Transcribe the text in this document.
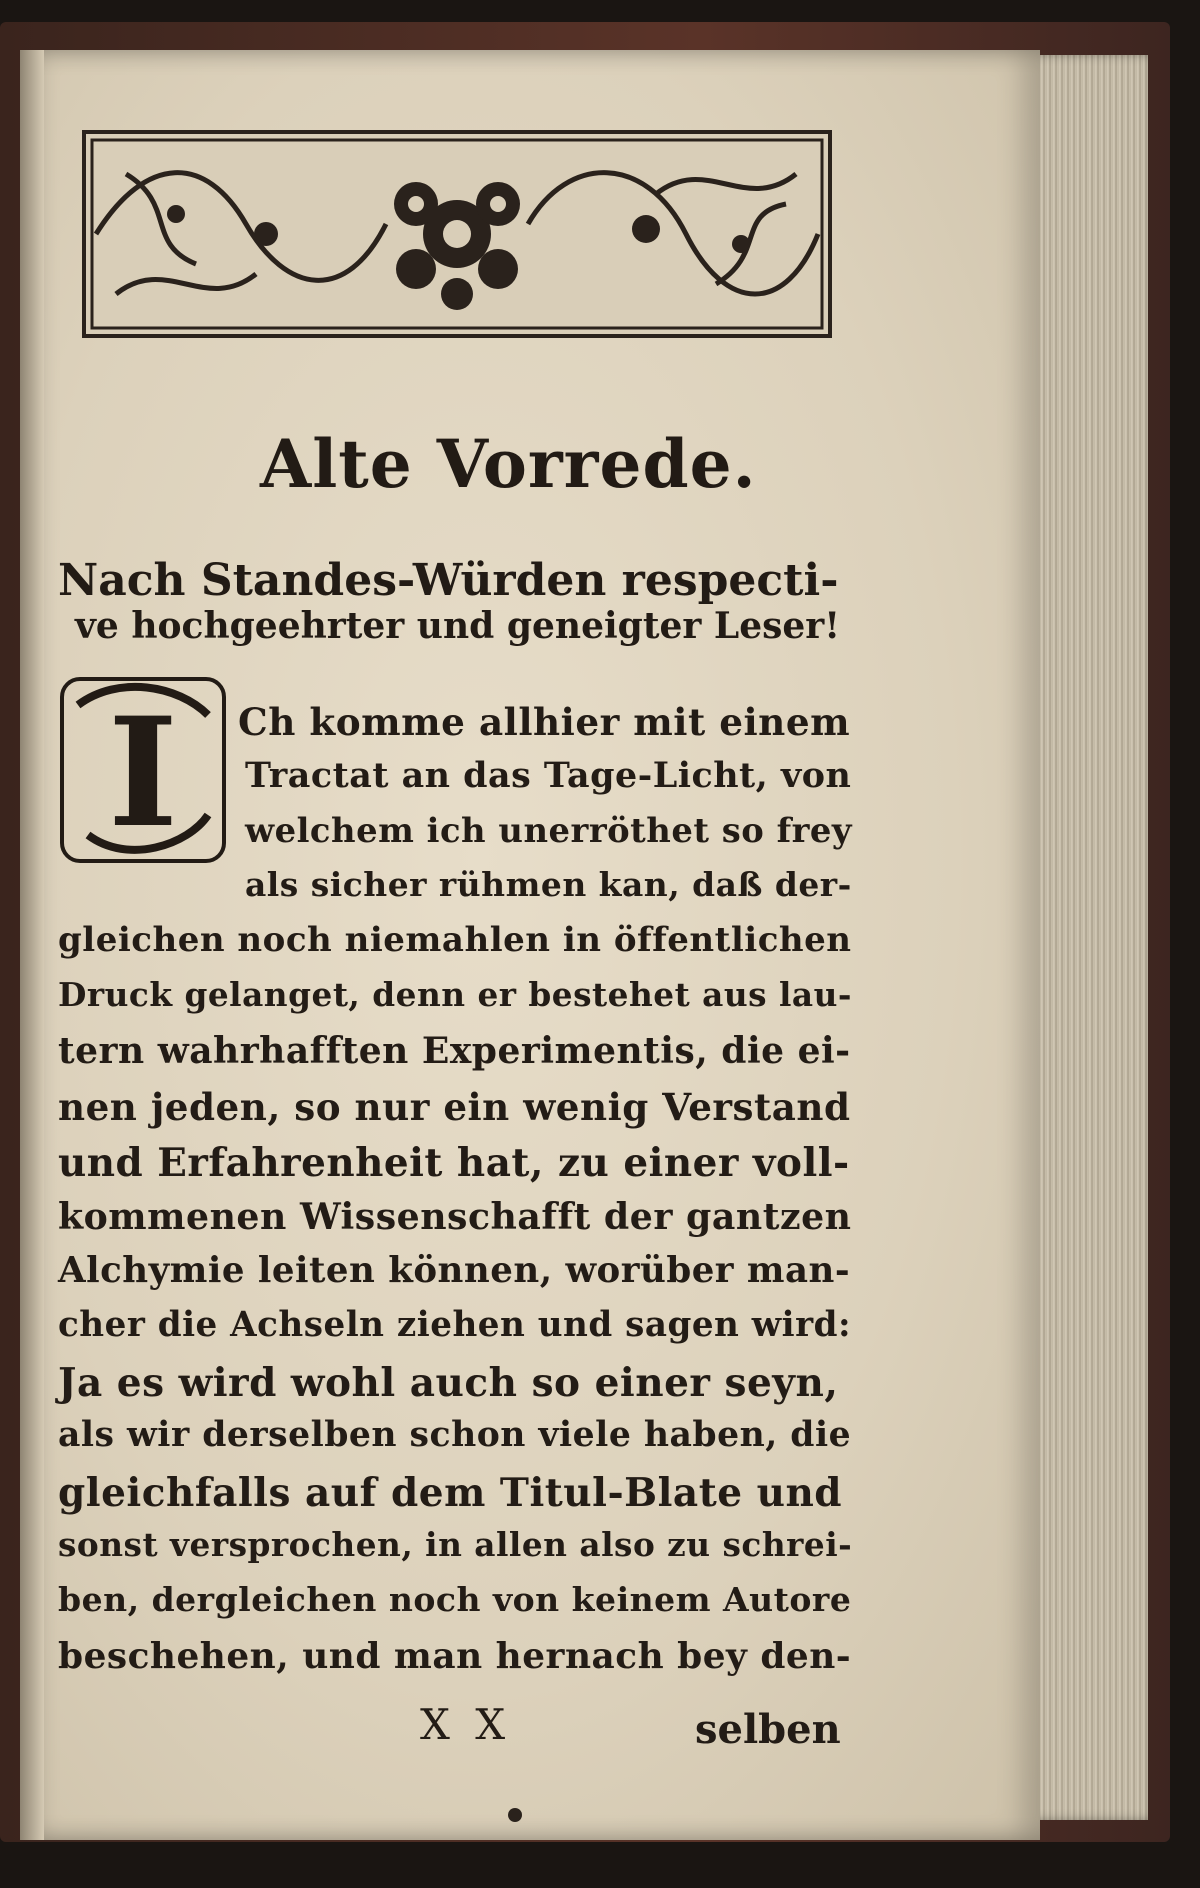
Alte Vorrede.
Nach Standes-Würden respecti-
ve hochgeehrter und geneigter Leser!
I Ch komme allhier mit einem
Tractat an das Tage-Licht, von
welchem ich unerröthet so frey
als sicher rühmen kan, daß der-
gleichen noch niemahlen in öffentlichen
Druck gelanget, denn er bestehet aus lau-
tern wahrhafften Experimentis, die ei-
nen jeden, so nur ein wenig Verstand
und Erfahrenheit hat, zu einer voll-
kommenen Wissenschafft der gantzen
Alchymie leiten können, worüber man-
cher die Achseln ziehen und sagen wird:
Ja es wird wohl auch so einer seyn,
als wir derselben schon viele haben, die
gleichfalls auf dem Titul-Blate und
sonst versprochen, in allen also zu schrei-
ben, dergleichen noch von keinem Autore
beschehen, und man hernach bey den-
X X	selben
